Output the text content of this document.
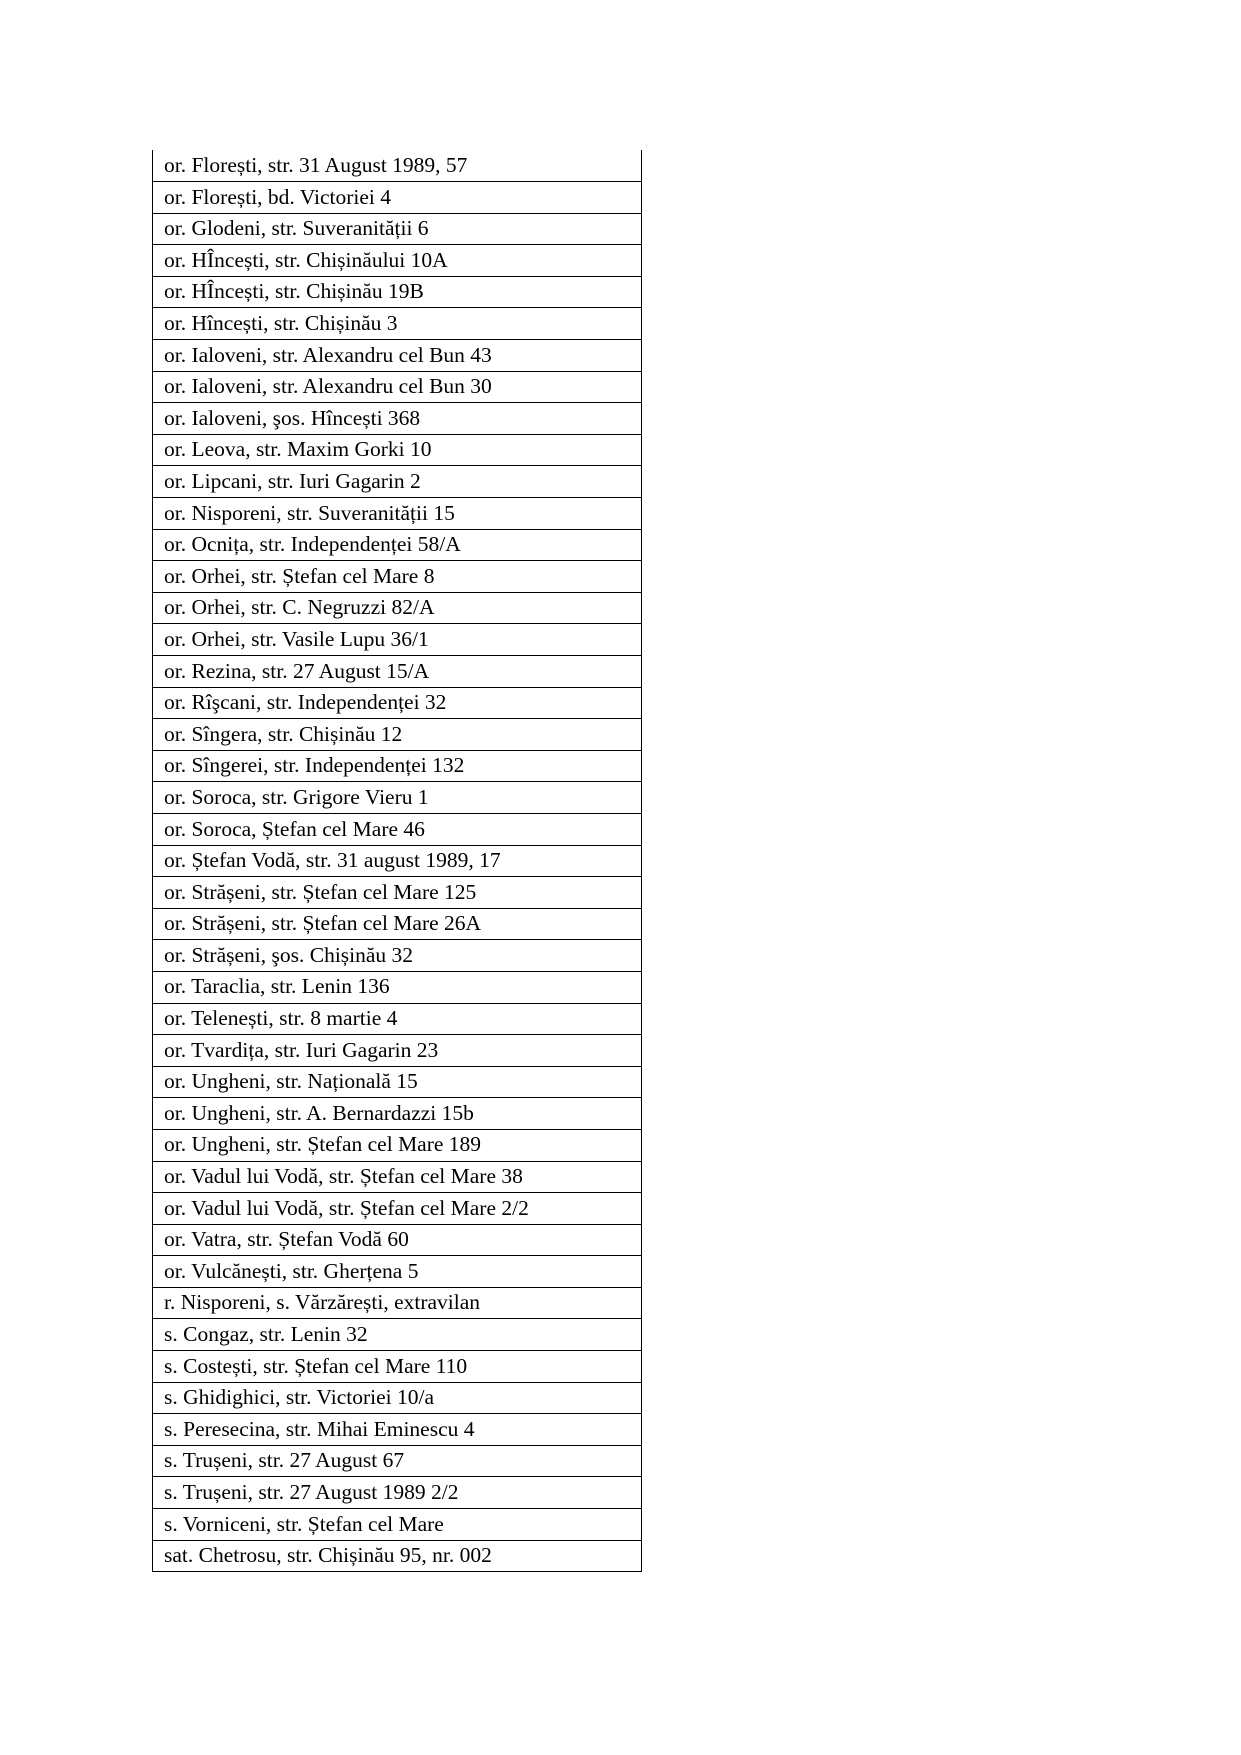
or. Florești, str. 31 August 1989, 57
or. Florești, bd. Victoriei 4
or. Glodeni, str. Suveranității 6
or. HÎncești, str. Chișinăului 10A
or. HÎncești, str. Chișinău 19B
or. Hîncești, str. Chișinău 3
or. Ialoveni, str. Alexandru cel Bun 43
or. Ialoveni, str. Alexandru cel Bun 30
or. Ialoveni, şos. Hîncești 368
or. Leova, str. Maxim Gorki 10
or. Lipcani, str. Iuri Gagarin 2
or. Nisporeni, str. Suveranității 15
or. Ocnița, str. Independenței 58/A
or. Orhei, str. Ștefan cel Mare 8
or. Orhei, str. C. Negruzzi 82/A
or. Orhei, str. Vasile Lupu 36/1
or. Rezina, str. 27 August 15/A
or. Rîşcani, str. Independenței 32
or. Sîngera, str. Chișinău 12
or. Sîngerei, str. Independenței 132
or. Soroca, str. Grigore Vieru 1
or. Soroca, Ștefan cel Mare 46
or. Ștefan Vodă, str. 31 august 1989, 17
or. Strășeni, str. Ștefan cel Mare 125
or. Strășeni, str. Ștefan cel Mare 26A
or. Strășeni, şos. Chișinău 32
or. Taraclia, str. Lenin 136
or. Telenești, str. 8 martie 4
or. Tvardița, str. Iuri Gagarin 23
or. Ungheni, str. Națională 15
or. Ungheni, str. A. Bernardazzi 15b
or. Ungheni, str. Ștefan cel Mare 189
or. Vadul lui Vodă, str. Ștefan cel Mare 38
or. Vadul lui Vodă, str. Ștefan cel Mare 2/2
or. Vatra, str. Ștefan Vodă 60
or. Vulcănești, str. Gherțena 5
r. Nisporeni, s. Vărzărești, extravilan
s. Congaz, str. Lenin 32
s. Costești, str. Ștefan cel Mare 110
s. Ghidighici, str. Victoriei 10/a
s. Peresecina, str. Mihai Eminescu 4
s. Trușeni, str. 27 August 67
s. Trușeni, str. 27 August 1989 2/2
s. Vorniceni, str. Ștefan cel Mare
sat. Chetrosu, str. Chișinău 95, nr. 002
